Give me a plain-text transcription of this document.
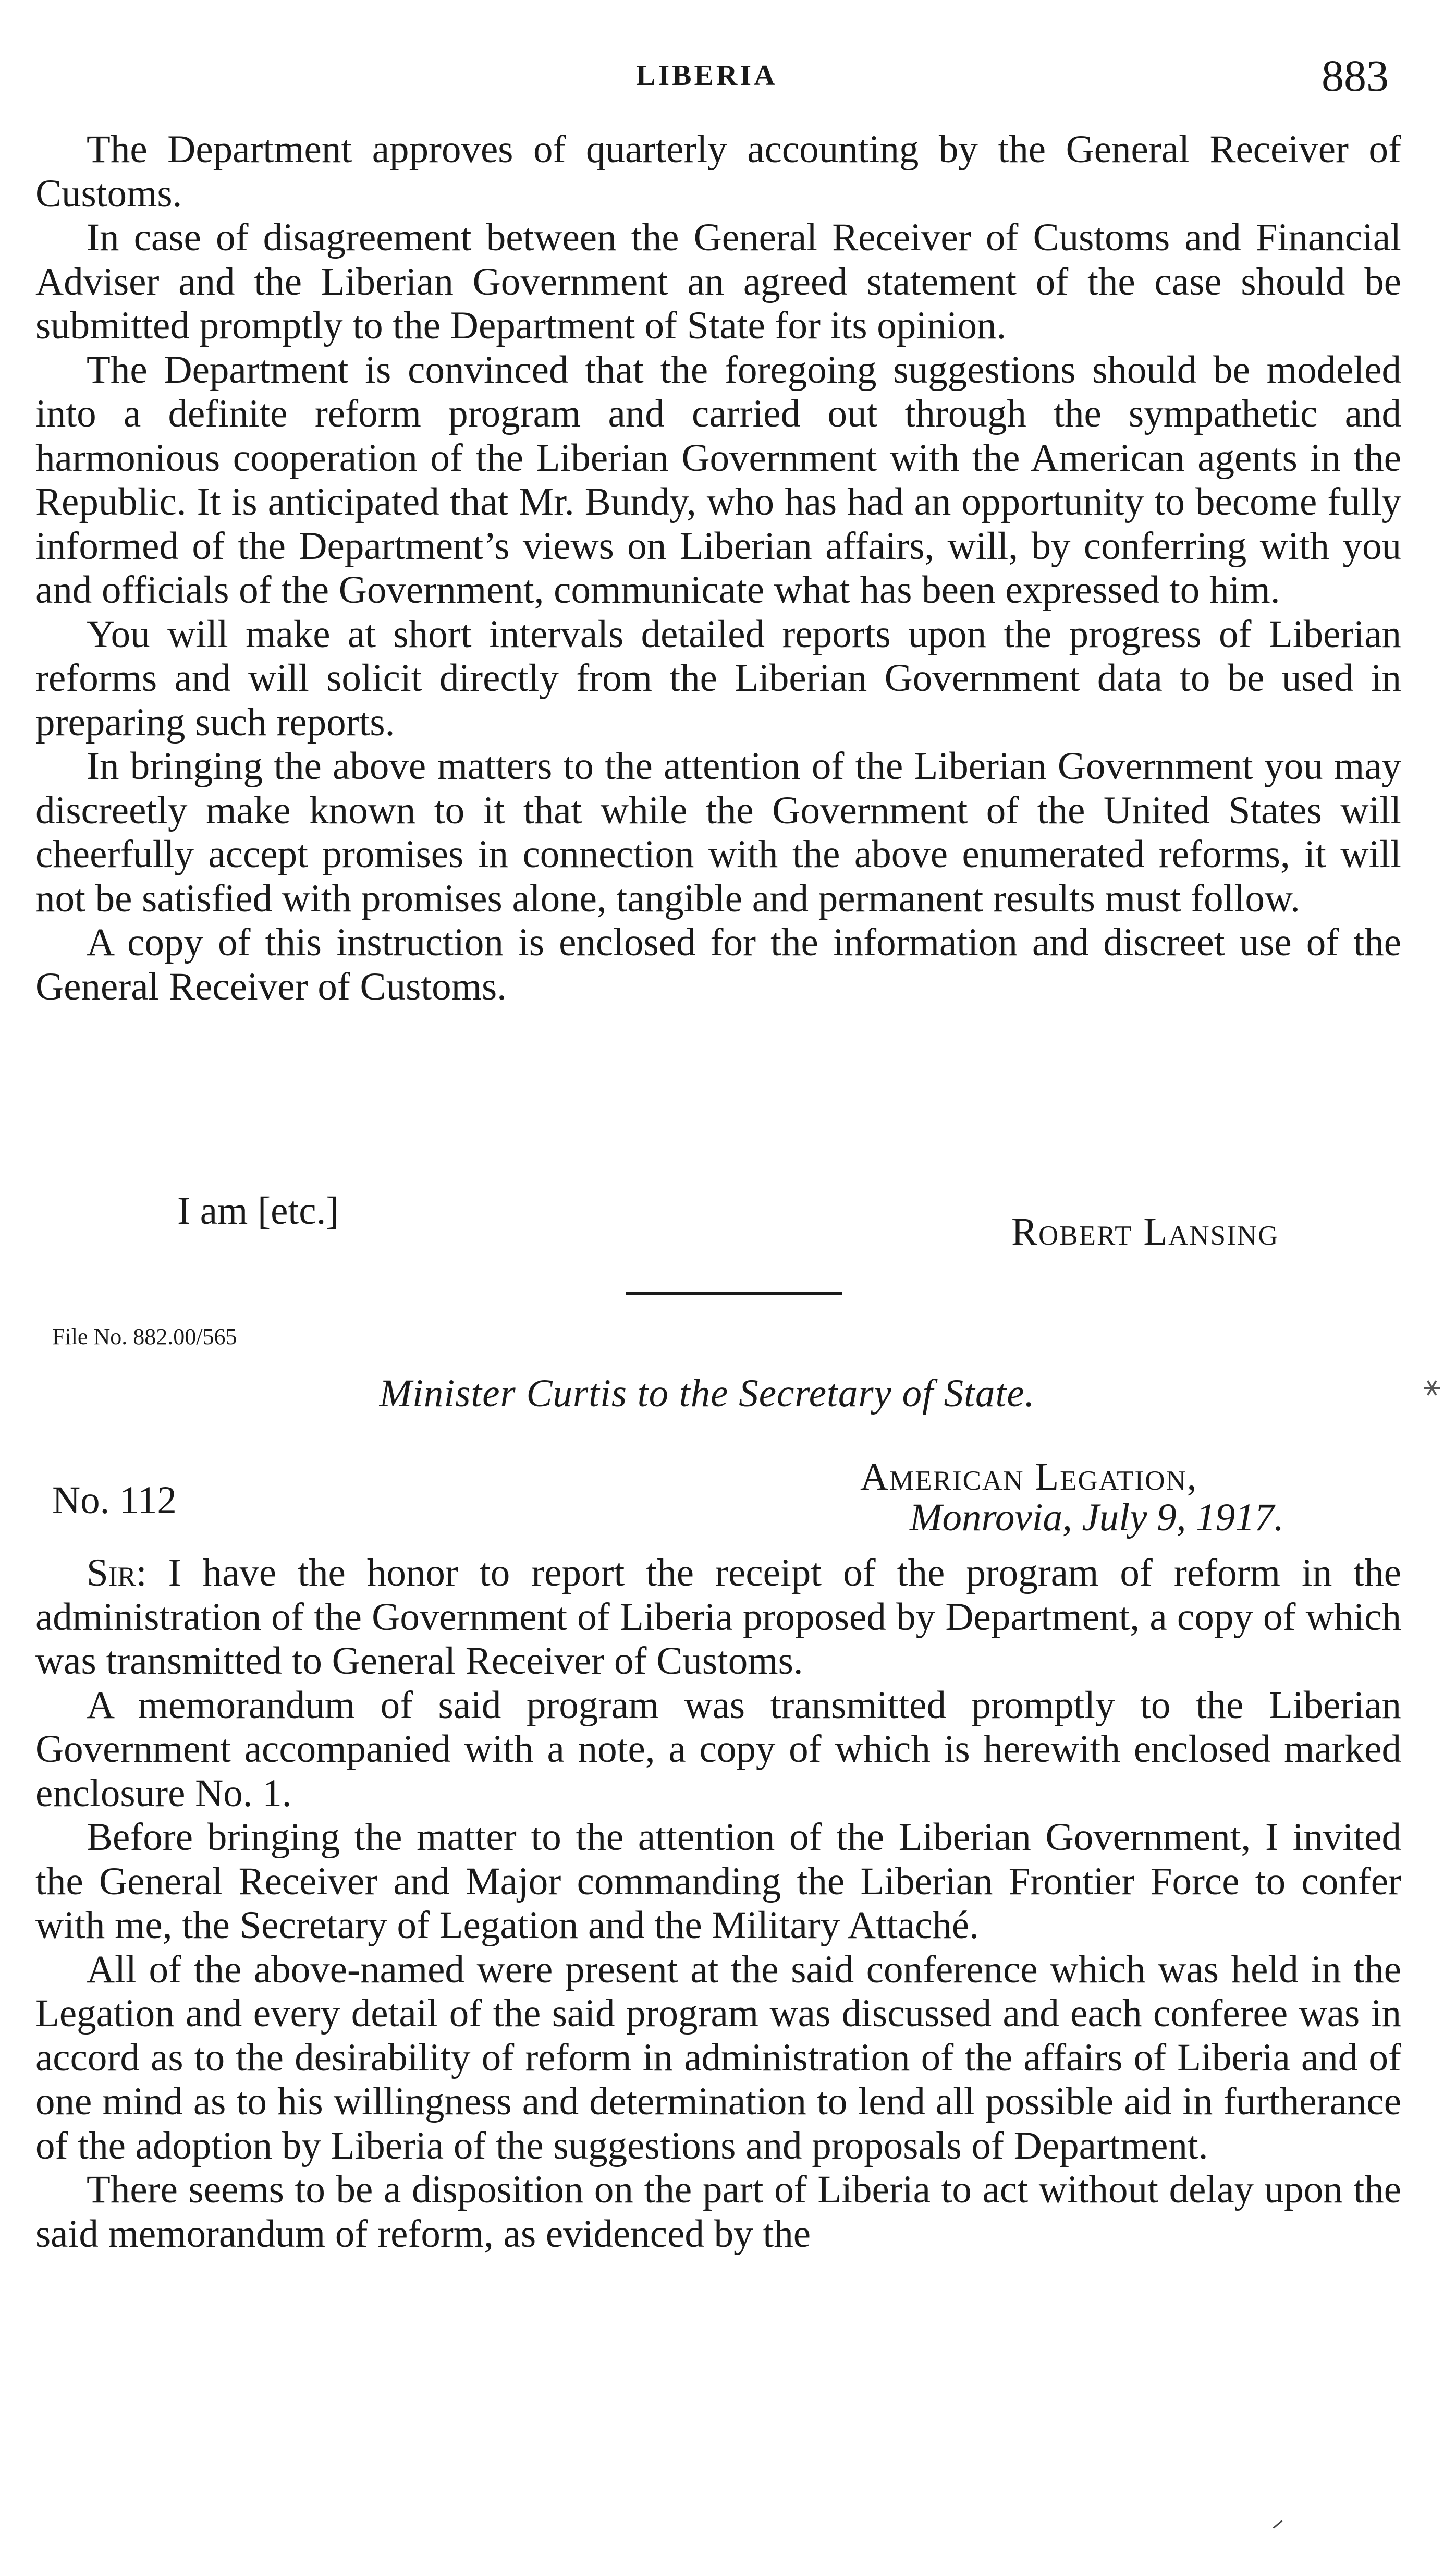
LIBERIA	883

The Department approves of quarterly accounting by the General Receiver of Customs.

In case of disagreement between the General Receiver of Customs and Financial Adviser and the Liberian Government an agreed statement of the case should be submitted promptly to the Department of State for its opinion.

The Department is convinced that the foregoing suggestions should be modeled into a definite reform program and carried out through the sympathetic and harmonious cooperation of the Liberian Government with the American agents in the Republic. It is anticipated that Mr. Bundy, who has had an opportunity to become fully informed of the Department’s views on Liberian affairs, will, by conferring with you and officials of the Government, communicate what has been expressed to him.

You will make at short intervals detailed reports upon the progress of Liberian reforms and will solicit directly from the Liberian Government data to be used in preparing such reports.

In bringing the above matters to the attention of the Liberian Government you may discreetly make known to it that while the Government of the United States will cheerfully accept promises in connection with the above enumerated reforms, it will not be satisfied with promises alone, tangible and permanent results must follow.

A copy of this instruction is enclosed for the information and discreet use of the General Receiver of Customs.

I am [etc.]	Robert Lansing
File No. 882.00/565
Minister Curtis to the Secretary of State.	⚹
No. 112
American Legation,
Monrovia, July 9, 1917.

Sir: I have the honor to report the receipt of the program of reform in the administration of the Government of Liberia proposed by Department, a copy of which was transmitted to General Receiver of Customs.

A memorandum of said program was transmitted promptly to the Liberian Government accompanied with a note, a copy of which is herewith enclosed marked enclosure No. 1.

Before bringing the matter to the attention of the Liberian Government, I invited the General Receiver and Major commanding the Liberian Frontier Force to confer with me, the Secretary of Legation and the Military Attaché.

All of the above-named were present at the said conference which was held in the Legation and every detail of the said program was discussed and each conferee was in accord as to the desirability of reform in administration of the affairs of Liberia and of one mind as to his willingness and determination to lend all possible aid in furtherance of the adoption by Liberia of the suggestions and proposals of Department.

There seems to be a disposition on the part of Liberia to act without delay upon the said memorandum of reform, as evidenced by the
